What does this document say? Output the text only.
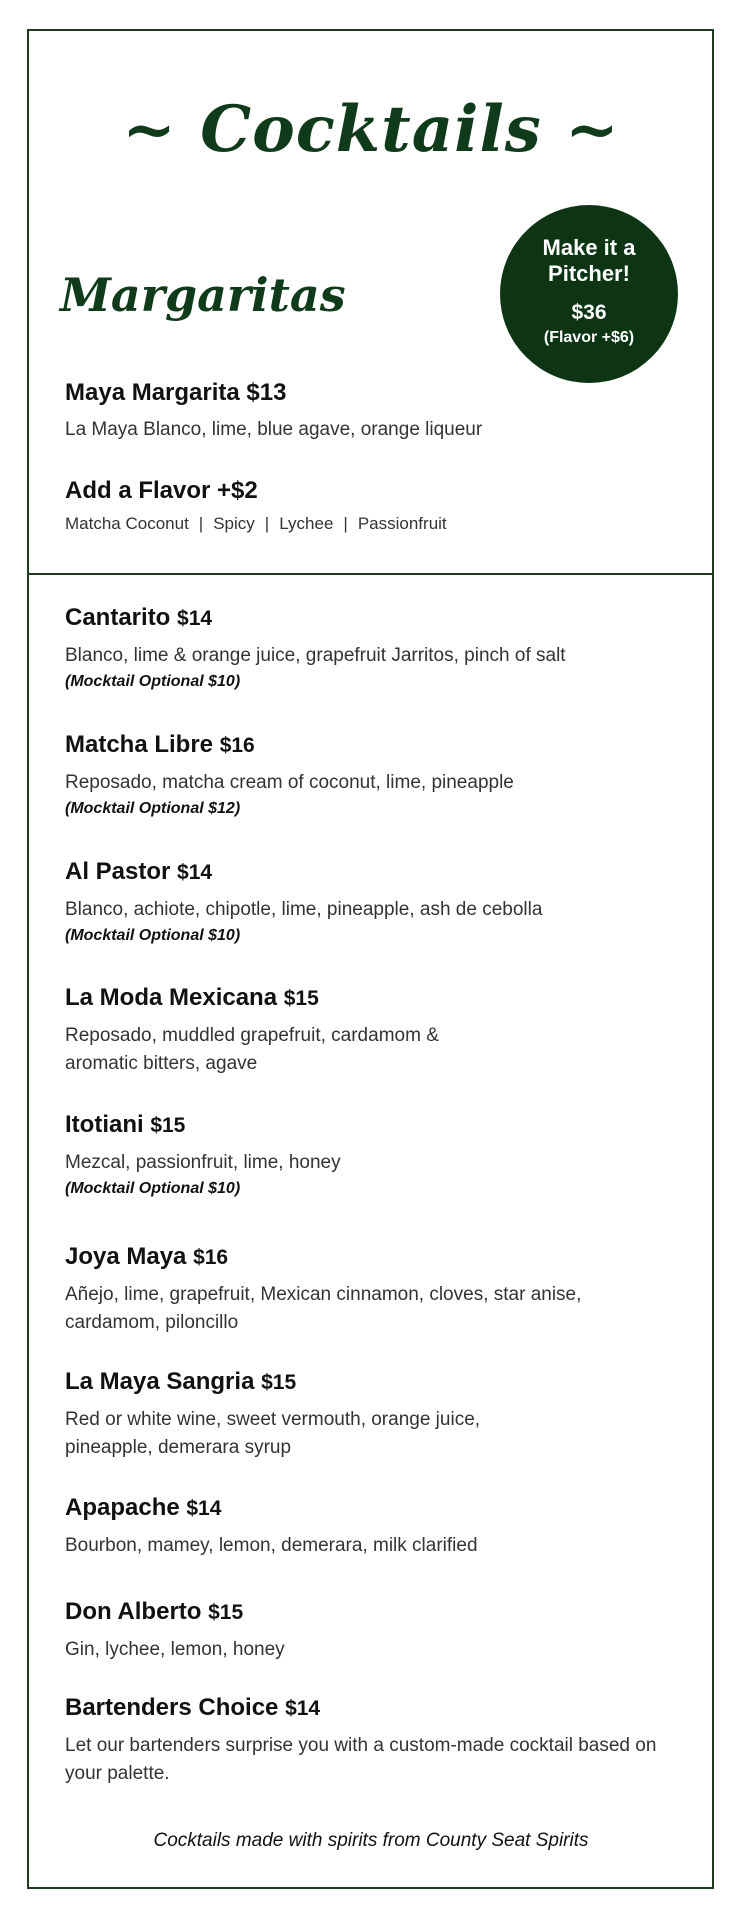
~ Cocktails ~
Margaritas
Make it a Pitcher!
$36
(Flavor +$6)
Maya Margarita $13
La Maya Blanco, lime, blue agave, orange liqueur
Add a Flavor +$2
Matcha Coconut | Spicy | Lychee | Passionfruit
Cantarito $14
Blanco, lime & orange juice, grapefruit Jarritos, pinch of salt
(Mocktail Optional $10)
Matcha Libre $16
Reposado, matcha cream of coconut, lime, pineapple
(Mocktail Optional $12)
Al Pastor $14
Blanco, achiote, chipotle, lime, pineapple, ash de cebolla
(Mocktail Optional $10)
La Moda Mexicana $15
Reposado, muddled grapefruit, cardamom & aromatic bitters, agave
Itotiani $15
Mezcal, passionfruit, lime, honey
(Mocktail Optional $10)
Joya Maya $16
Añejo, lime, grapefruit, Mexican cinnamon, cloves, star anise, cardamom, piloncillo
La Maya Sangria $15
Red or white wine, sweet vermouth, orange juice, pineapple, demerara syrup
Apapache $14
Bourbon, mamey, lemon, demerara, milk clarified
Don Alberto $15
Gin, lychee, lemon, honey
Bartenders Choice $14
Let our bartenders surprise you with a custom-made cocktail based on your palette.
Cocktails made with spirits from County Seat Spirits
